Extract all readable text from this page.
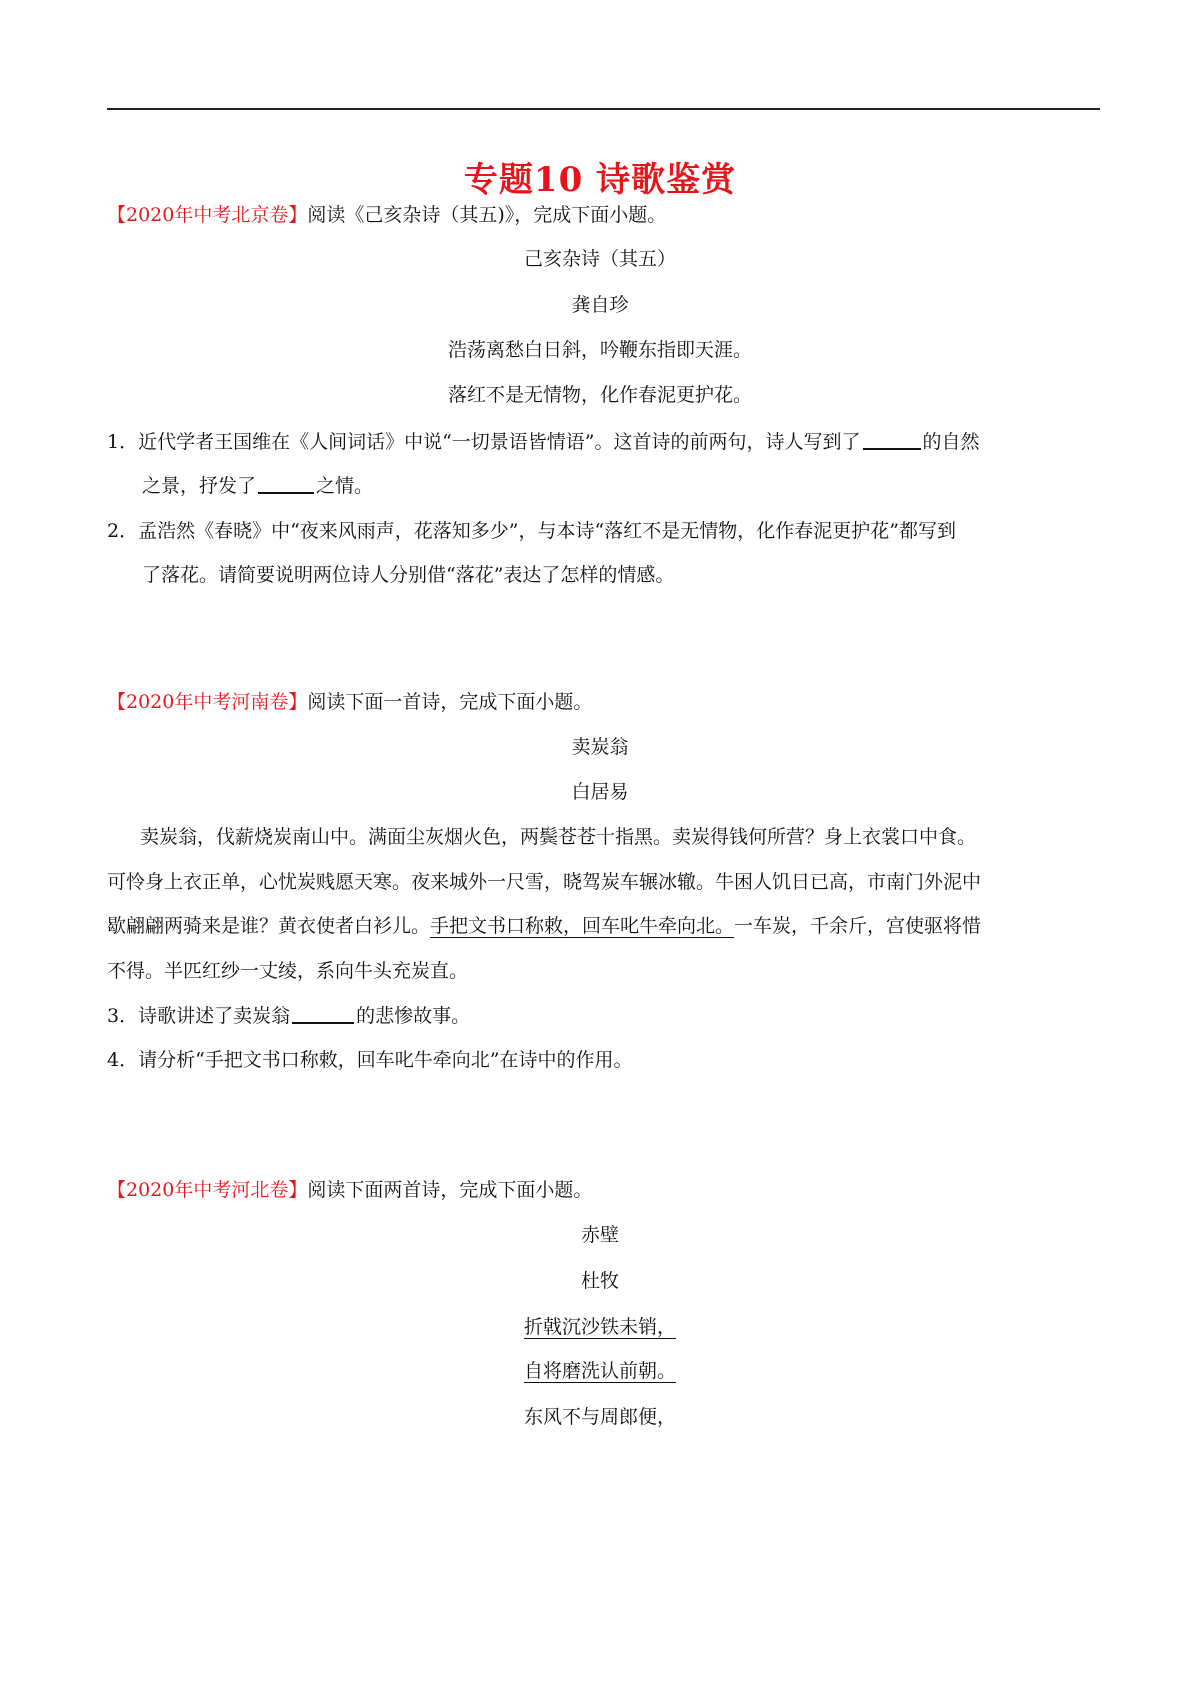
专题10 诗歌鉴赏
【2020年中考北京卷】阅读《己亥杂诗（其五)》，完成下面小题。
己亥杂诗（其五）
龚自珍
浩荡离愁白日斜，吟鞭东指即天涯。
落红不是无情物，化作春泥更护花。
1．近代学者王国维在《人间词话》中说“一切景语皆情语”。这首诗的前两句，诗人写到了	的自然
之景，抒发了	之情。
2．孟浩然《春晓》中“夜来风雨声，花落知多少”，与本诗“落红不是无情物，化作春泥更护花”都写到
了落花。请简要说明两位诗人分别借“落花”表达了怎样的情感。
【2020年中考河南卷】阅读下面一首诗，完成下面小题。
卖炭翁
白居易
卖炭翁，伐薪烧炭南山中。满面尘灰烟火色，两鬓苍苍十指黑。卖炭得钱何所营？身上衣裳口中食。
可怜身上衣正单，心忧炭贱愿天寒。夜来城外一尺雪，晓驾炭车辗冰辙。牛困人饥日已高，市南门外泥中
歇翩翩两骑来是谁？黄衣使者白衫儿。手把文书口称敕，回车叱牛牵向北。一车炭，千余斤，宫使驱将惜
不得。半匹红纱一丈绫，系向牛头充炭直。
3．诗歌讲述了卖炭翁	的悲惨故事。
4．请分析“手把文书口称敕，回车叱牛牵向北”在诗中的作用。
【2020年中考河北卷】阅读下面两首诗，完成下面小题。
赤壁
杜牧
折戟沉沙铁未销，
自将磨洗认前朝。
东风不与周郎便，
